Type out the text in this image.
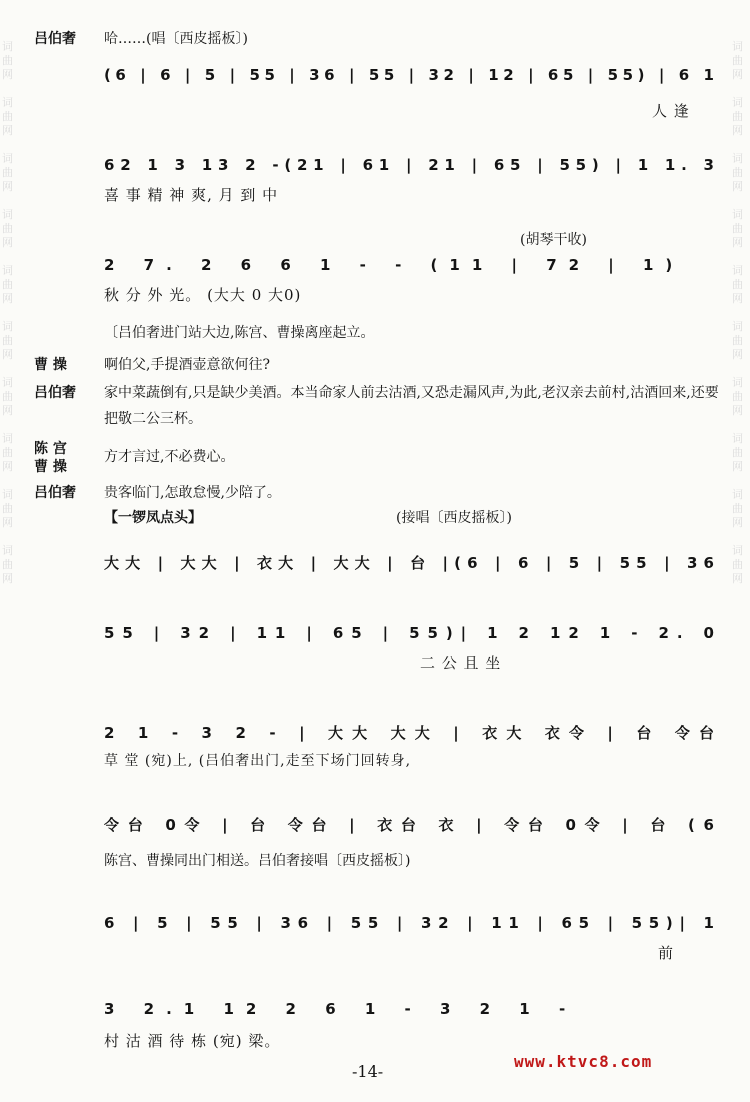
词曲网

词曲网

词曲网

词曲网

词曲网

词曲网

词曲网

词曲网

词曲网

词曲网
词曲网

词曲网

词曲网

词曲网

词曲网

词曲网

词曲网

词曲网

词曲网

词曲网
吕伯奢 哈……(唱〔西皮摇板〕)
(6 | 6 | 5 | 55 | 36 | 55 | 32 | 12 | 65 | 55) | 6 1
人 逢
62 1 3 13 2 -(21 | 61 | 21 | 65 | 55) | 1 1. 3
喜 事 精 神 爽, 月 到 中
(胡琴干收)
2 7. 2 6 6 1 - - (11 | 72 | 1)
秋 分 外 光。 (大大 0 大0)
〔吕伯奢进门站大边,陈宫、曹操离座起立。
曹 操	啊伯父,手提酒壶意欲何往?
吕伯奢 家中菜蔬倒有,只是缺少美酒。本当命家人前去沽酒,又恐走漏风声,为此,老汉亲去前村,沽酒回来,还要把敬二公三杯。
陈 宫 曹 操
方才言过,不必费心。
吕伯奢 贵客临门,怎敢怠慢,少陪了。
【一锣凤点头】	(接唱〔西皮摇板〕)
大大 | 大大 | 衣大 | 大大 | 台 |(6 | 6 | 5 | 55 | 36
55 | 32 | 11 | 65 | 55)| 1 2 12 1 - 2. 0
二 公 且 坐
2 1 - 3 2 - | 大大 大大 | 衣大 衣令 | 台 令台
草 堂 (宛)上, (吕伯奢出门,走至下场门回转身,
令台 0令 | 台 令台 | 衣台 衣 | 令台 0令 | 台 (6
陈宫、曹操同出门相送。吕伯奢接唱〔西皮摇板〕)
6 | 5 | 55 | 36 | 55 | 32 | 11 | 65 | 55)| 1
前
3 2.1 12 2 6 1 - 3 2 1 -
村 沽 酒 待 栋 (宛) 梁。
-14-
www.ktvc8.com
